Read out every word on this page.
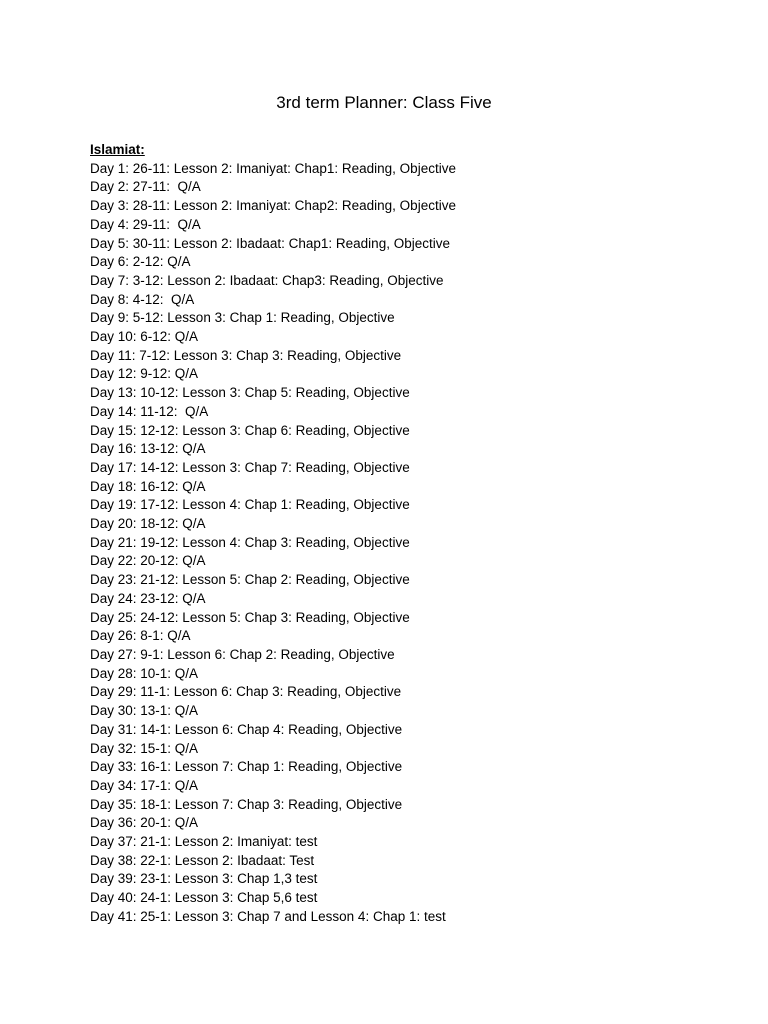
3rd term Planner: Class Five

Islamiat:

Day 1: 26-11: Lesson 2: Imaniyat: Chap1: Reading, Objective
Day 2: 27-11:  Q/A
Day 3: 28-11: Lesson 2: Imaniyat: Chap2: Reading, Objective
Day 4: 29-11:  Q/A
Day 5: 30-11: Lesson 2: Ibadaat: Chap1: Reading, Objective
Day 6: 2-12: Q/A
Day 7: 3-12: Lesson 2: Ibadaat: Chap3: Reading, Objective
Day 8: 4-12:  Q/A
Day 9: 5-12: Lesson 3: Chap 1: Reading, Objective
Day 10: 6-12: Q/A
Day 11: 7-12: Lesson 3: Chap 3: Reading, Objective
Day 12: 9-12: Q/A
Day 13: 10-12: Lesson 3: Chap 5: Reading, Objective
Day 14: 11-12:  Q/A
Day 15: 12-12: Lesson 3: Chap 6: Reading, Objective
Day 16: 13-12: Q/A
Day 17: 14-12: Lesson 3: Chap 7: Reading, Objective
Day 18: 16-12: Q/A
Day 19: 17-12: Lesson 4: Chap 1: Reading, Objective
Day 20: 18-12: Q/A
Day 21: 19-12: Lesson 4: Chap 3: Reading, Objective
Day 22: 20-12: Q/A
Day 23: 21-12: Lesson 5: Chap 2: Reading, Objective
Day 24: 23-12: Q/A
Day 25: 24-12: Lesson 5: Chap 3: Reading, Objective
Day 26: 8-1: Q/A
Day 27: 9-1: Lesson 6: Chap 2: Reading, Objective
Day 28: 10-1: Q/A
Day 29: 11-1: Lesson 6: Chap 3: Reading, Objective
Day 30: 13-1: Q/A
Day 31: 14-1: Lesson 6: Chap 4: Reading, Objective
Day 32: 15-1: Q/A
Day 33: 16-1: Lesson 7: Chap 1: Reading, Objective
Day 34: 17-1: Q/A
Day 35: 18-1: Lesson 7: Chap 3: Reading, Objective
Day 36: 20-1: Q/A
Day 37: 21-1: Lesson 2: Imaniyat: test
Day 38: 22-1: Lesson 2: Ibadaat: Test
Day 39: 23-1: Lesson 3: Chap 1,3 test
Day 40: 24-1: Lesson 3: Chap 5,6 test
Day 41: 25-1: Lesson 3: Chap 7 and Lesson 4: Chap 1: test
